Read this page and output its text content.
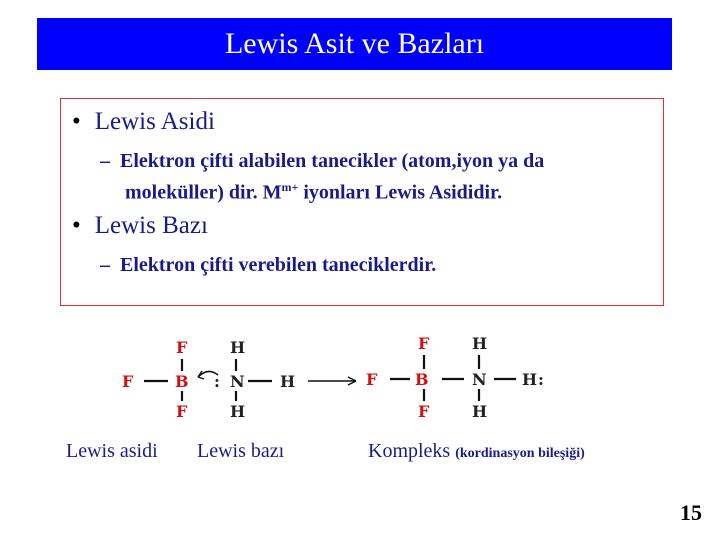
Lewis Asit ve Bazları
• Lewis Asidi
– Elektron çifti alabilen tanecikler (atom,iyon ya da
moleküller) dir. $M^{m+}$ iyonları Lewis Asididir.
• Lewis Bazı
– Elektron çifti verebilen taneciklerdir.
F
F	B
F
H
: N H
H
F
F B
F
H
N H :
H
Lewis asidi Lewis bazı	Kompleks (kordinasyon bileşiği)
15
